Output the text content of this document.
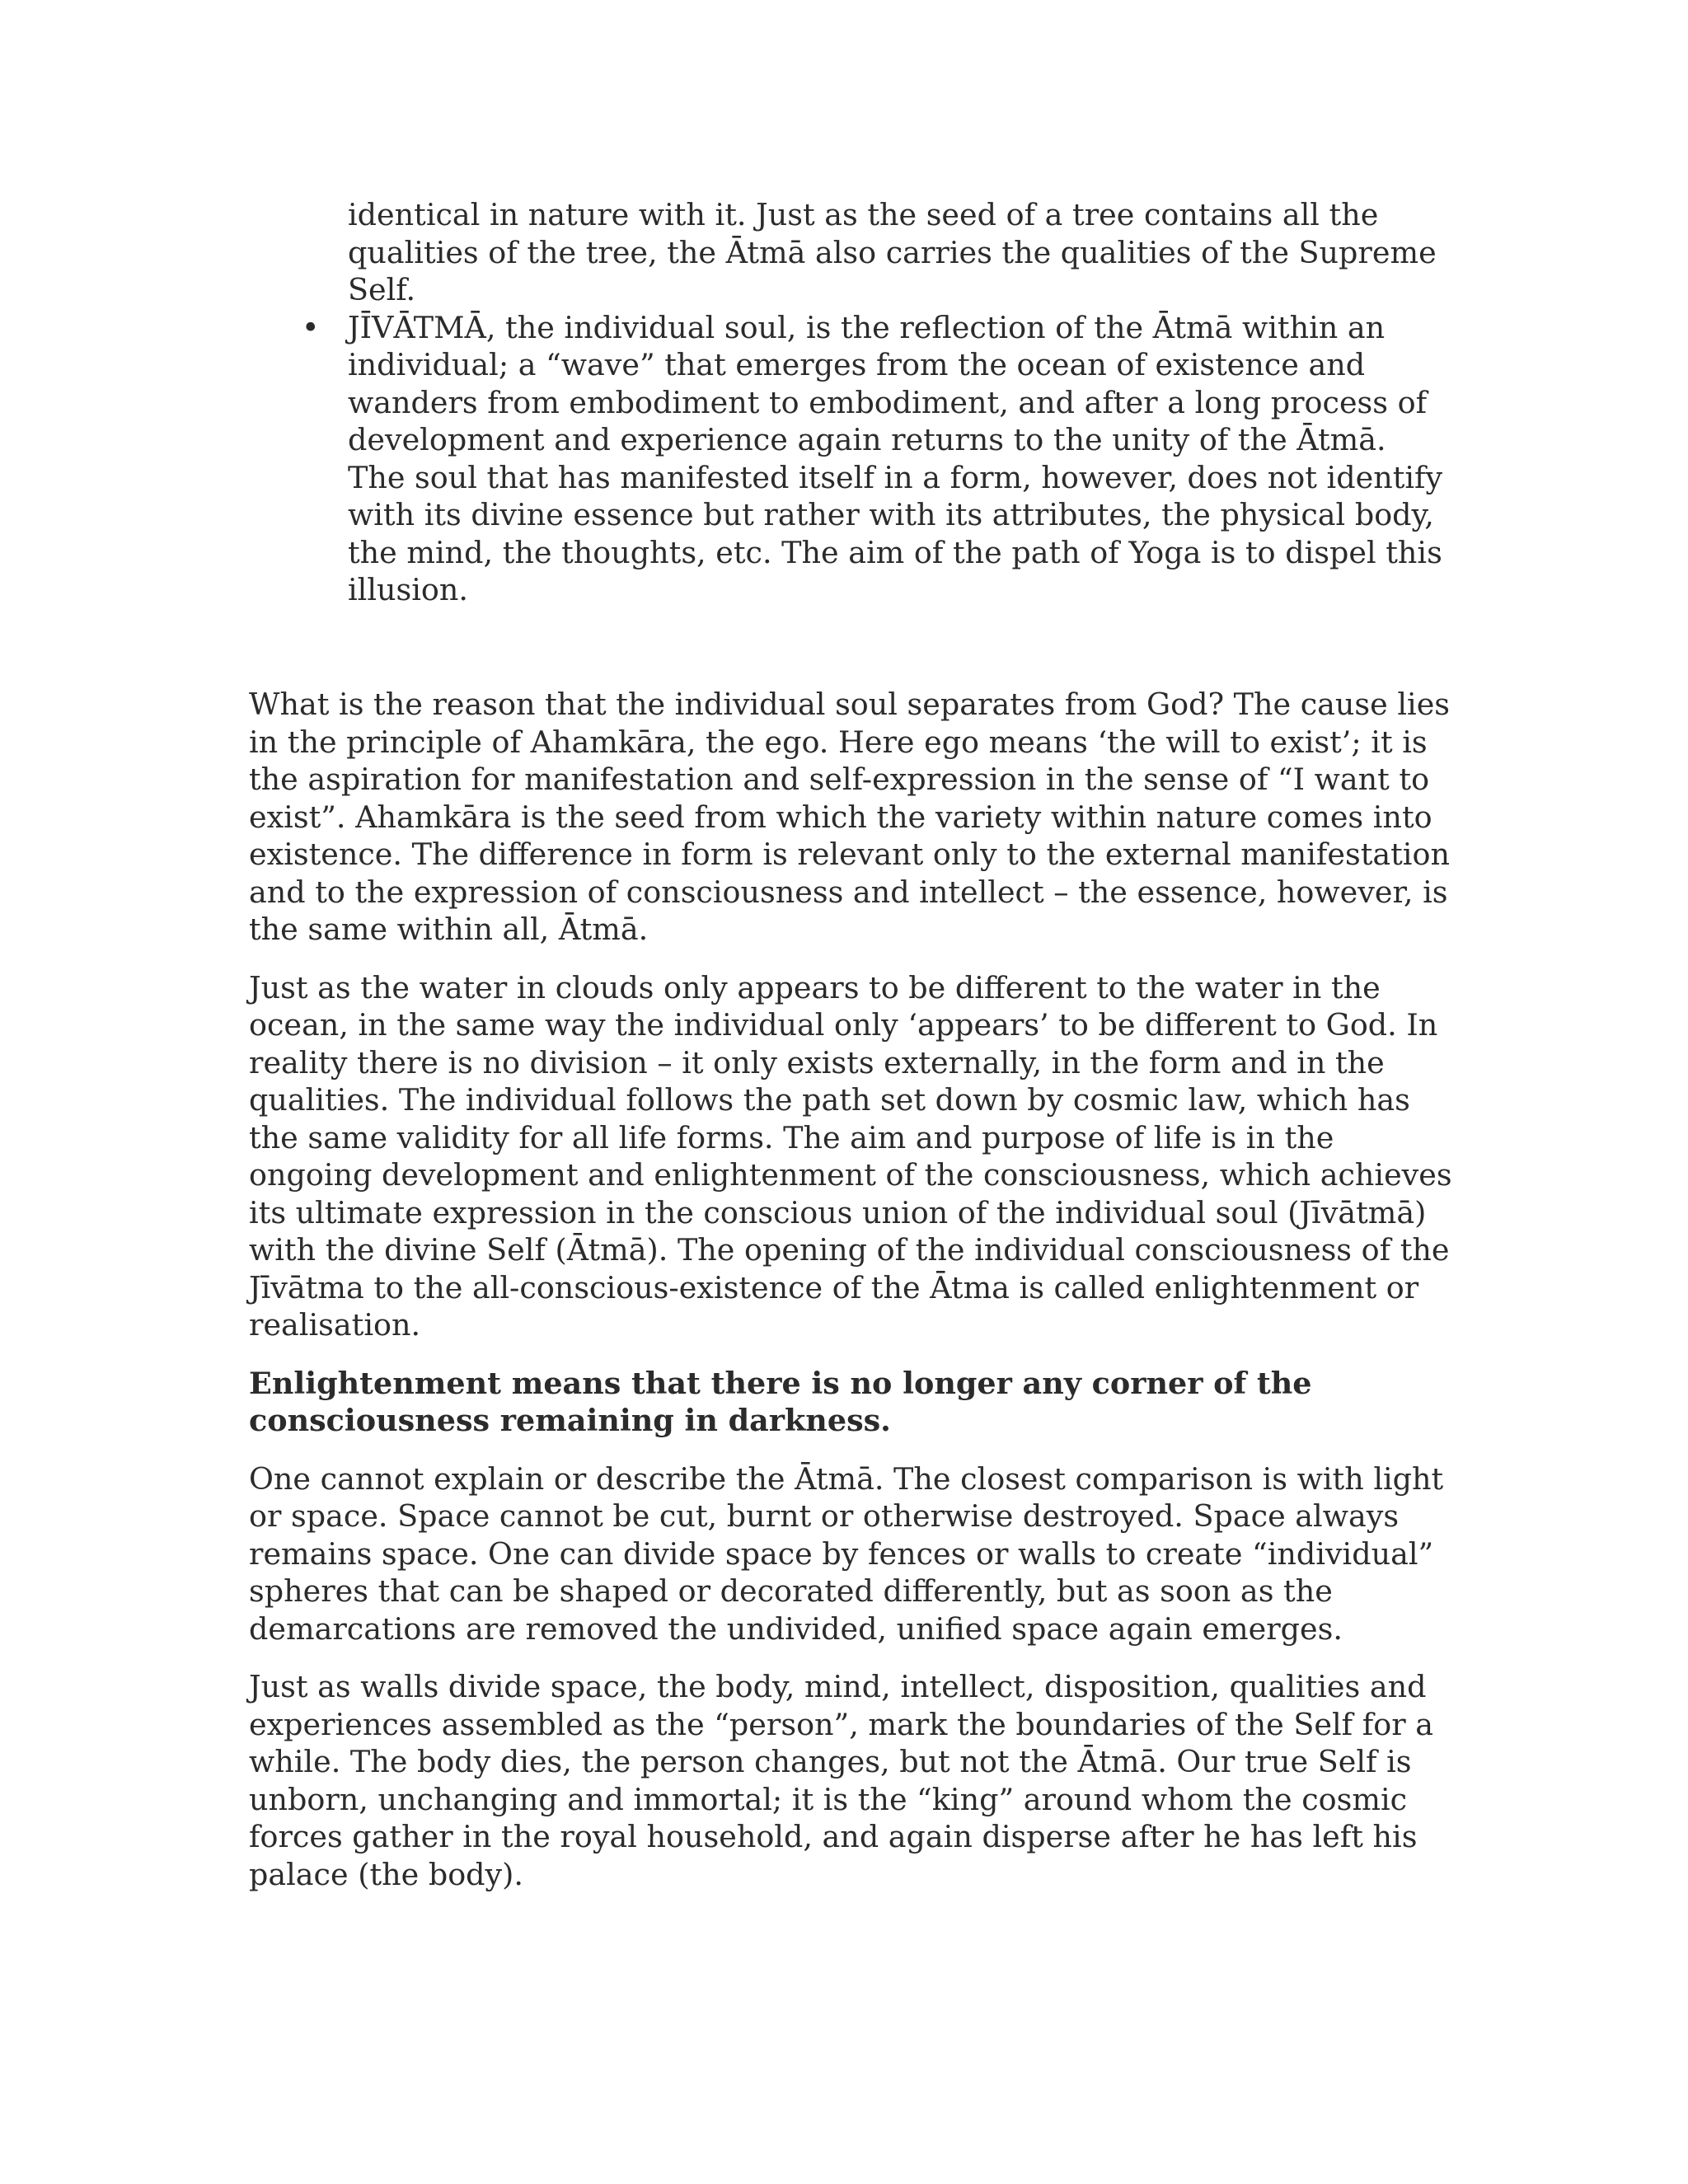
identical in nature with it. Just as the seed of a tree contains all the qualities of the tree, the Ātmā also carries the qualities of the Supreme Self.

• JĪVĀTMĀ, the individual soul, is the reflection of the Ātmā within an individual; a “wave” that emerges from the ocean of existence and wanders from embodiment to embodiment, and after a long process of development and experience again returns to the unity of the Ātmā. The soul that has manifested itself in a form, however, does not identify with its divine essence but rather with its attributes, the physical body, the mind, the thoughts, etc. The aim of the path of Yoga is to dispel this illusion.

What is the reason that the individual soul separates from God? The cause lies in the principle of Ahamkāra, the ego. Here ego means ‘the will to exist’; it is the aspiration for manifestation and self-expression in the sense of “I want to exist”. Ahamkāra is the seed from which the variety within nature comes into existence. The difference in form is relevant only to the external manifestation and to the expression of consciousness and intellect – the essence, however, is the same within all, Ātmā.

Just as the water in clouds only appears to be different to the water in the ocean, in the same way the individual only ‘appears’ to be different to God. In reality there is no division – it only exists externally, in the form and in the qualities. The individual follows the path set down by cosmic law, which has the same validity for all life forms. The aim and purpose of life is in the ongoing development and enlightenment of the consciousness, which achieves its ultimate expression in the conscious union of the individual soul (Jīvātmā) with the divine Self (Ātmā). The opening of the individual consciousness of the Jīvātma to the all-conscious-existence of the Ātma is called enlightenment or realisation.

Enlightenment means that there is no longer any corner of the consciousness remaining in darkness.

One cannot explain or describe the Ātmā. The closest comparison is with light or space. Space cannot be cut, burnt or otherwise destroyed. Space always remains space. One can divide space by fences or walls to create “individual” spheres that can be shaped or decorated differently, but as soon as the demarcations are removed the undivided, unified space again emerges.

Just as walls divide space, the body, mind, intellect, disposition, qualities and experiences assembled as the “person”, mark the boundaries of the Self for a while. The body dies, the person changes, but not the Ātmā. Our true Self is unborn, unchanging and immortal; it is the “king” around whom the cosmic forces gather in the royal household, and again disperse after he has left his palace (the body).
